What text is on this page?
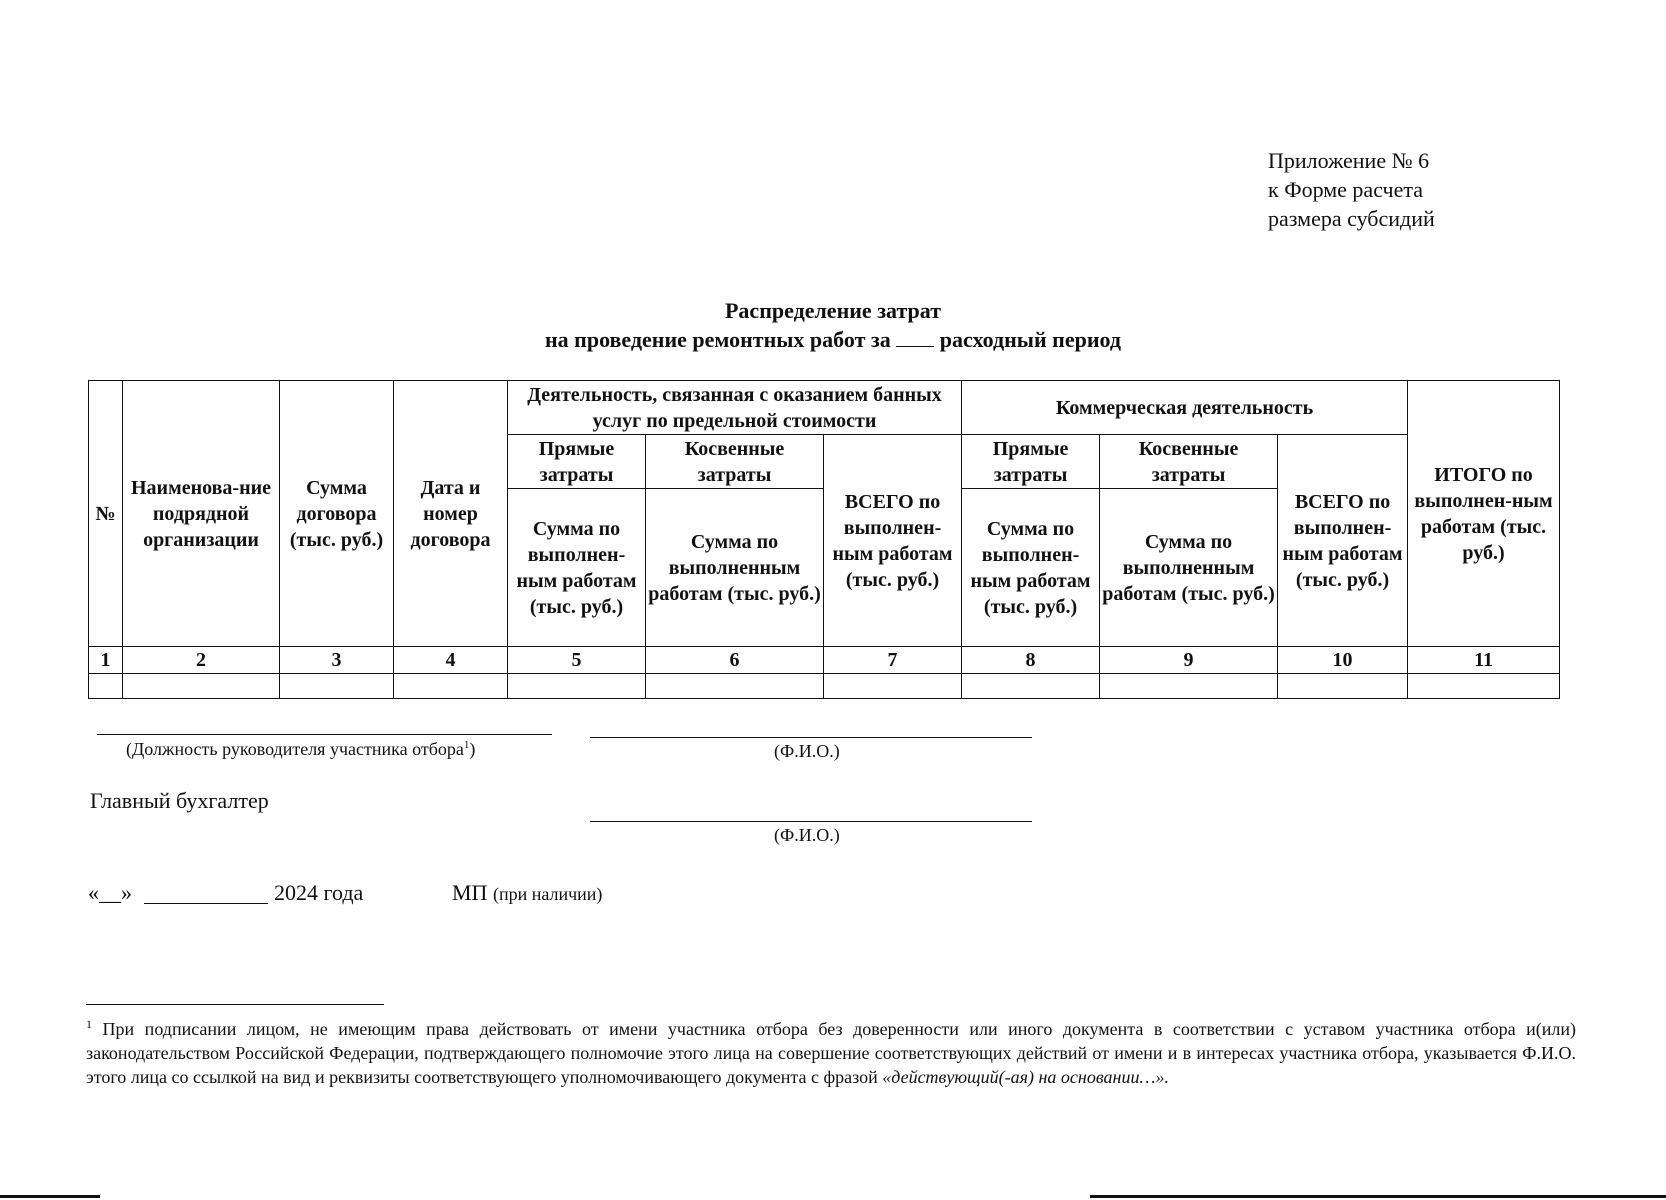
Приложение № 6
к Форме расчета
размера субсидий
Распределение затрат
на проведение ремонтных работ за расходный период
№	Наименова-ние подрядной организации	Сумма договора (тыс. руб.)	Дата и номер договора	Деятельность, связанная с оказанием банных услуг по предельной стоимости			Коммерческая деятельность			ИТОГО по выполнен-ным работам (тыс. руб.)
				Прямые затраты	Косвенные затраты	ВСЕГО по выполнен-ным работам (тыс. руб.)	Прямые затраты	Косвенные затраты	ВСЕГО по выполнен-ным работам (тыс. руб.)	
				Сумма по выполнен-ным работам (тыс. руб.)	Сумма по выполненным работам (тыс. руб.)		Сумма по выполнен-ным работам (тыс. руб.)	Сумма по выполненным работам (тыс. руб.)		
1	2	3	4	5	6	7	8	9	10	11

(Должность руководителя участника отбора$^1$)	(Ф.И.О.)
Главный бухгалтер
(Ф.И.О.)
«__»	2024 года	МП (при наличии)
$^1$ При подписании лицом, не имеющим права действовать от имени участника отбора без доверенности или иного документа в соответствии с уставом участника отбора и(или) законодательством Российской Федерации, подтверждающего полномочие этого лица на совершение соответствующих действий от имени и в интересах участника отбора, указывается Ф.И.О. этого лица со ссылкой на вид и реквизиты соответствующего уполномочивающего документа с фразой «действующий(-ая) на основании…».
